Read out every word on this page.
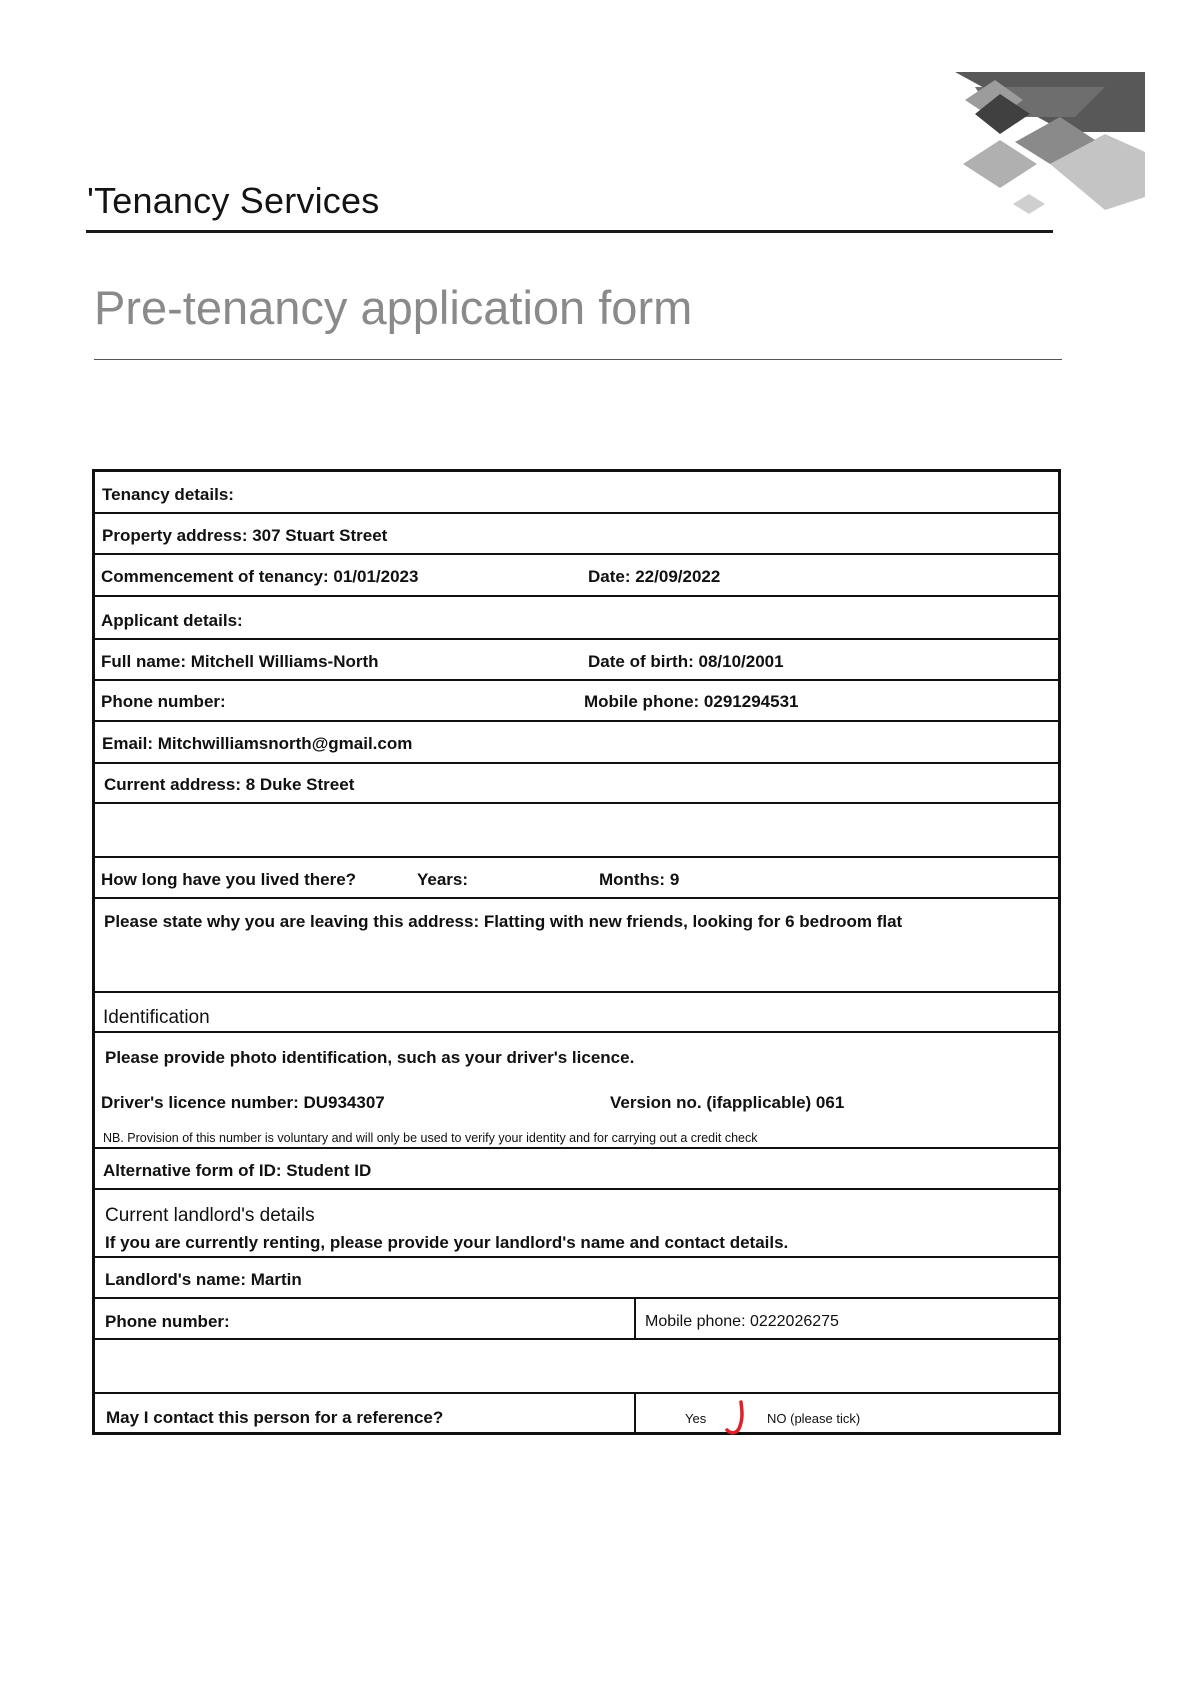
'Tenancy Services
Pre-tenancy application form
Tenancy details:
Property address: 307 Stuart Street
Commencement of tenancy: 01/01/2023	Date: 22/09/2022
Applicant details:
Full name: Mitchell Williams-North	Date of birth: 08/10/2001
Phone number:	Mobile phone: 0291294531
Email: Mitchwilliamsnorth@gmail.com
Current address: 8 Duke Street
How long have you lived there?	Years:	Months: 9
Please state why you are leaving this address: Flatting with new friends, looking for 6 bedroom flat
Identification
Please provide photo identification, such as your driver's licence.
Driver's licence number: DU934307	Version no. (ifapplicable) 061
NB. Provision of this number is voluntary and will only be used to verify your identity and for carrying out a credit check
Alternative form of ID: Student ID
Current landlord's details
If you are currently renting, please provide your landlord's name and contact details.
Landlord's name: Martin
Phone number:	Mobile phone: 0222026275
May I contact this person for a reference?	Yes	NO (please tick)
